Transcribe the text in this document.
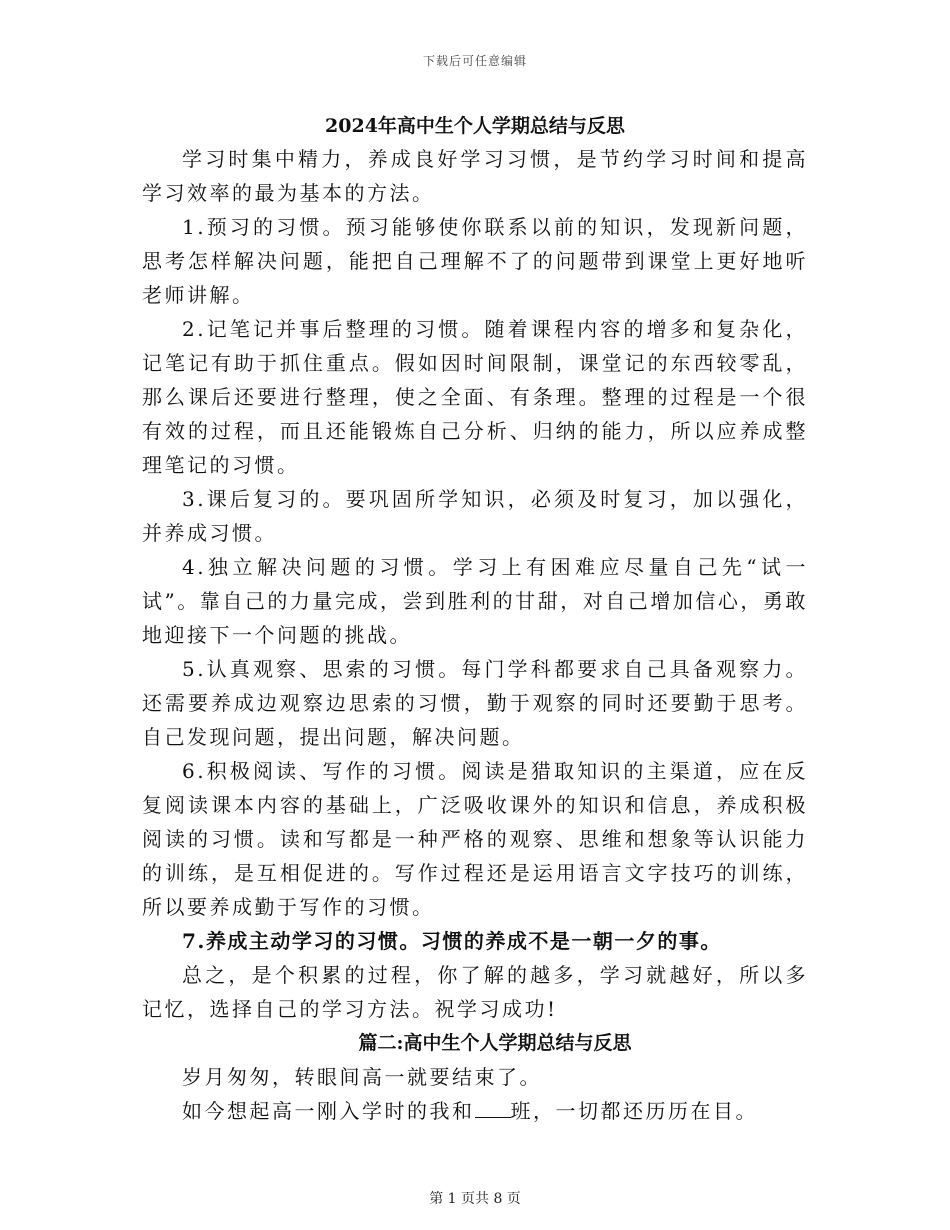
下载后可任意编辑
2024年高中生个人学期总结与反思

学习时集中精力，养成良好学习习惯，是节约学习时间和提高学习效率的最为基本的方法。

1.预习的习惯。预习能够使你联系以前的知识，发现新问题，思考怎样解决问题，能把自己理解不了的问题带到课堂上更好地听老师讲解。

2.记笔记并事后整理的习惯。随着课程内容的增多和复杂化，记笔记有助于抓住重点。假如因时间限制，课堂记的东西较零乱，那么课后还要进行整理，使之全面、有条理。整理的过程是一个很有效的过程，而且还能锻炼自己分析、归纳的能力，所以应养成整理笔记的习惯。

3.课后复习的。要巩固所学知识，必须及时复习，加以强化，并养成习惯。

4.独立解决问题的习惯。学习上有困难应尽量自己先“试一试”。靠自己的力量完成，尝到胜利的甘甜，对自己增加信心，勇敢地迎接下一个问题的挑战。

5.认真观察、思索的习惯。每门学科都要求自己具备观察力。还需要养成边观察边思索的习惯，勤于观察的同时还要勤于思考。自己发现问题，提出问题，解决问题。

6.积极阅读、写作的习惯。阅读是猎取知识的主渠道，应在反复阅读课本内容的基础上，广泛吸收课外的知识和信息，养成积极阅读的习惯。读和写都是一种严格的观察、思维和想象等认识能力的训练，是互相促进的。写作过程还是运用语言文字技巧的训练，所以要养成勤于写作的习惯。

7.养成主动学习的习惯。习惯的养成不是一朝一夕的事。

总之，是个积累的过程，你了解的越多，学习就越好，所以多记忆，选择自己的学习方法。祝学习成功!

篇二:高中生个人学期总结与反思

岁月匆匆，转眼间高一就要结束了。

如今想起高一刚入学时的我和 班，一切都还历历在目。

第 1 页共 8 页
